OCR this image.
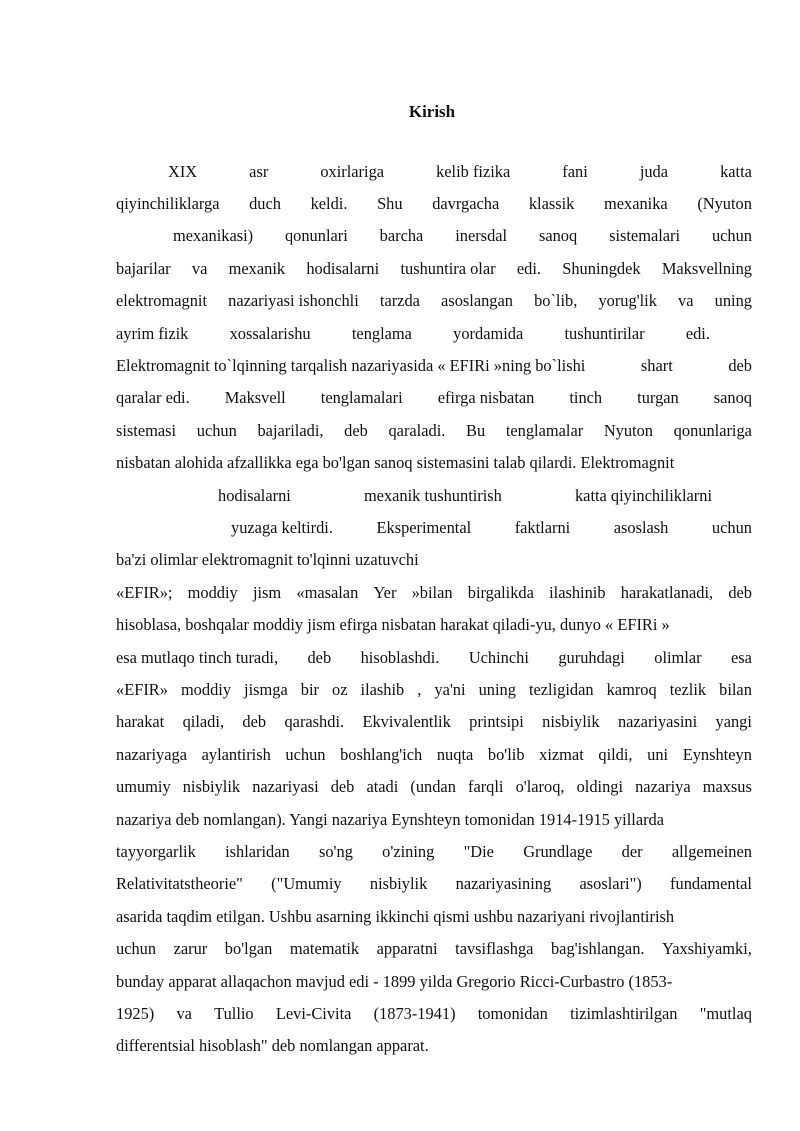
Kirish
XIX	asr	oxirlariga	kelib fizika	fani	juda	katta
qiyinchiliklarga duch keldi. Shu davrgacha klassik mexanika (Nyuton
mexanikasi) qonunlari barcha inersdal sanoq sistemalari uchun
bajarilar va mexanik hodisalarni tushuntira olar edi. Shuningdek Maksvellning
elektromagnit nazariyasi ishonchli tarzda asoslangan bo`lib, yorug'lik va uning
ayrim fizik	xossalarishu	tenglama	yordamida	tushuntirilar	edi.
Elektromagnit to`lqinning tarqalish nazariyasida « EFIRi »ning bo`lishi	shart	deb
qaralar edi. Maksvell tenglamalari efirga nisbatan tinch turgan sanoq
sistemasi uchun bajariladi, deb qaraladi. Bu tenglamalar Nyuton qonunlariga
nisbatan alohida afzallikka ega bo'lgan sanoq sistemasini talab qilardi. Elektromagnit
hodisalarni	mexanik tushuntirish	katta qiyinchiliklarni
yuzaga keltirdi.	Eksperimental	faktlarni	asoslash	uchun
ba'zi olimlar elektromagnit to'lqinni uzatuvchi
«EFIR»; moddiy jism «masalan Yer »bilan birgalikda ilashinib harakatlanadi, deb
hisoblasa, boshqalar moddiy jism efirga nisbatan harakat qiladi-yu, dunyo « EFIRi »
esa mutlaqo tinch turadi, deb hisoblashdi. Uchinchi guruhdagi olimlar esa
«EFIR» moddiy jismga bir oz ilashib , ya'ni uning tezligidan kamroq tezlik bilan
harakat qiladi, deb qarashdi. Ekvivalentlik printsipi nisbiylik nazariyasini yangi
nazariyaga aylantirish uchun boshlang'ich nuqta bo'lib xizmat qildi, uni Eynshteyn
umumiy nisbiylik nazariyasi deb atadi (undan farqli o'laroq, oldingi nazariya maxsus
nazariya deb nomlangan). Yangi nazariya Eynshteyn tomonidan 1914-1915 yillarda
tayyorgarlik ishlaridan so'ng o'zining "Die Grundlage der allgemeinen
Relativitatstheorie" ("Umumiy nisbiylik nazariyasining asoslari") fundamental
asarida taqdim etilgan. Ushbu asarning ikkinchi qismi ushbu nazariyani rivojlantirish
uchun zarur bo'lgan matematik apparatni tavsiflashga bag'ishlangan. Yaxshiyamki,
bunday apparat allaqachon mavjud edi - 1899 yilda Gregorio Ricci-Curbastro (1853-
1925) va Tullio Levi-Civita (1873-1941) tomonidan tizimlashtirilgan "mutlaq
differentsial hisoblash" deb nomlangan apparat.
